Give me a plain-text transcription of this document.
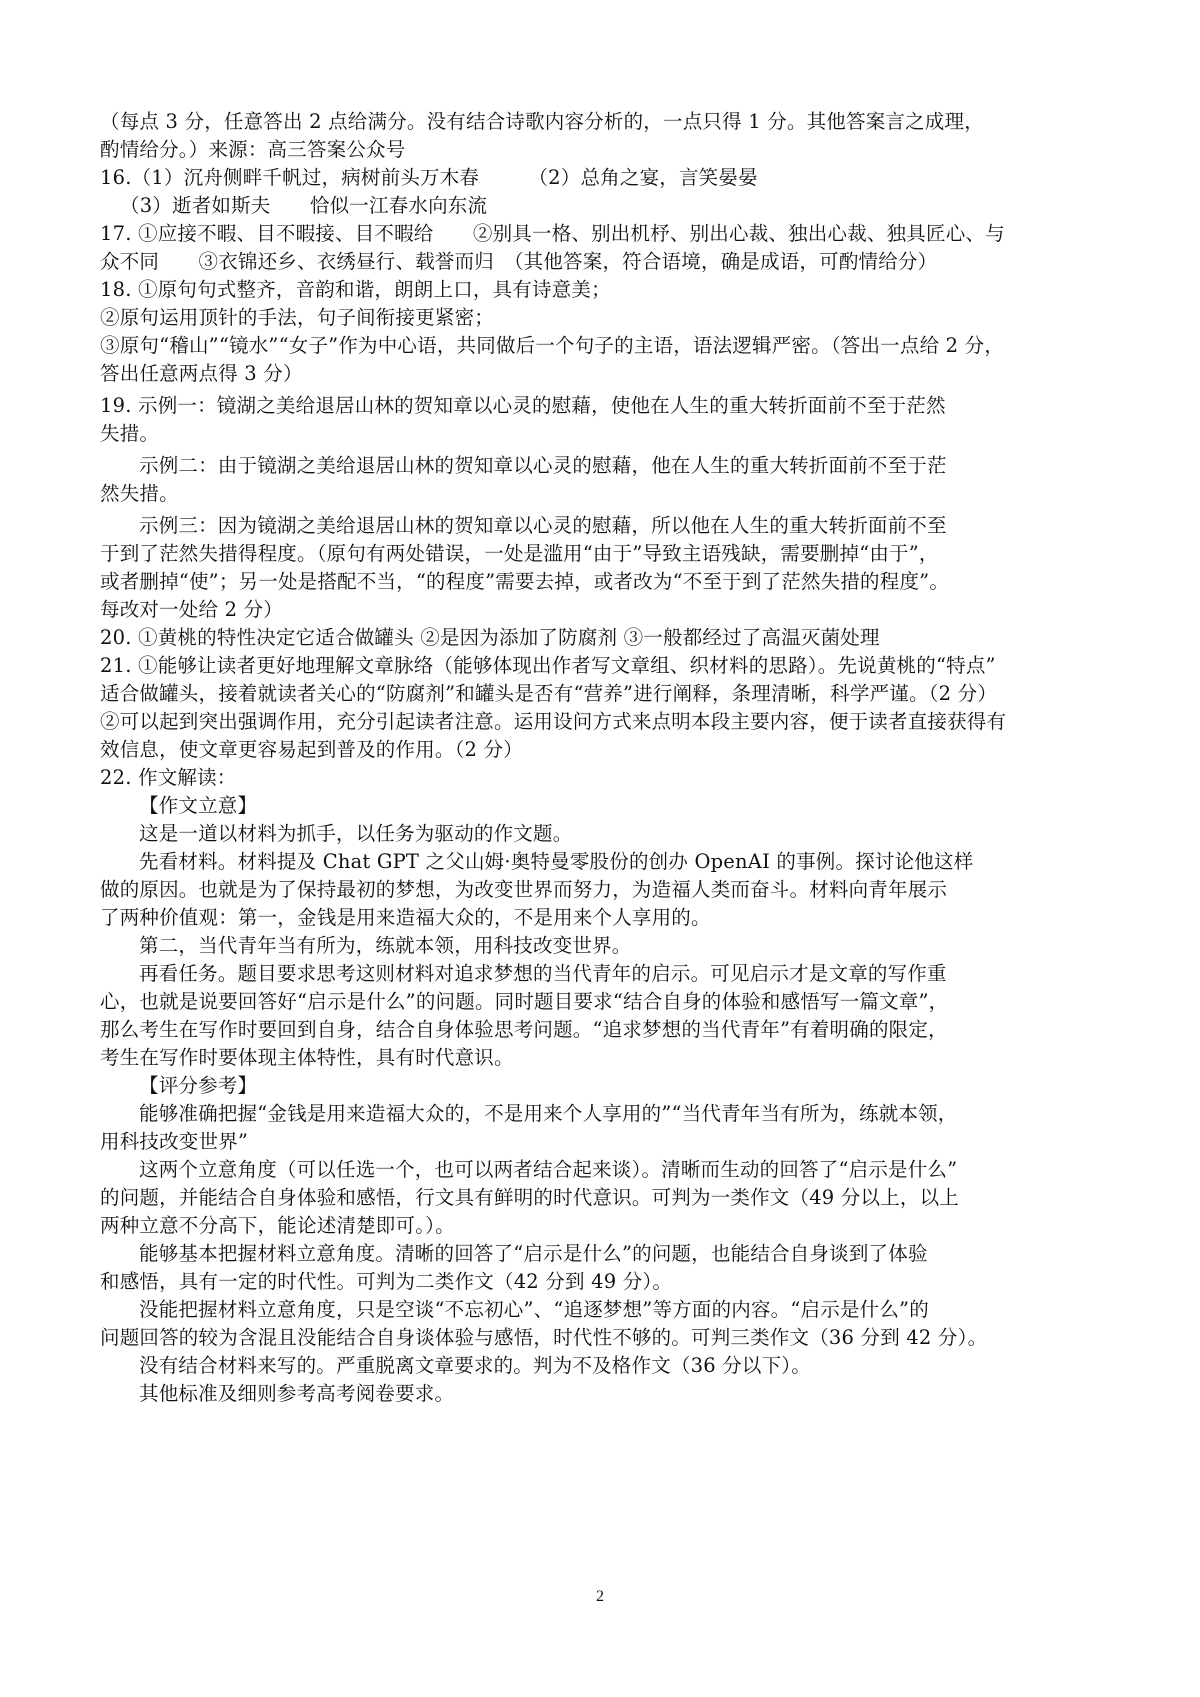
（每点 3 分，任意答出 2 点给满分。没有结合诗歌内容分析的，一点只得 1 分。其他答案言之成理，
酌情给分。）来源：高三答案公众号
16.（1）沉舟侧畔千帆过，病树前头万木春　　　（2）总角之宴，言笑晏晏
（3）逝者如斯夫　　恰似一江春水向东流
17. ①应接不暇、目不暇接、目不暇给　　②别具一格、别出机杼、别出心裁、独出心裁、独具匠心、与
众不同　　③衣锦还乡、衣绣昼行、载誉而归　（其他答案，符合语境，确是成语，可酌情给分）
18. ①原句句式整齐，音韵和谐，朗朗上口，具有诗意美；
②原句运用顶针的手法，句子间衔接更紧密；
③原句“稽山”“镜水”“女子”作为中心语，共同做后一个句子的主语，语法逻辑严密。（答出一点给 2 分，
答出任意两点得 3 分）
19. 示例一：镜湖之美给退居山林的贺知章以心灵的慰藉，使他在人生的重大转折面前不至于茫然
失措。
示例二：由于镜湖之美给退居山林的贺知章以心灵的慰藉，他在人生的重大转折面前不至于茫
然失措。
示例三：因为镜湖之美给退居山林的贺知章以心灵的慰藉，所以他在人生的重大转折面前不至
于到了茫然失措得程度。（原句有两处错误，一处是滥用“由于”导致主语残缺，需要删掉“由于”，
或者删掉“使”；另一处是搭配不当，“的程度”需要去掉，或者改为“不至于到了茫然失措的程度”。
每改对一处给 2 分）
20. ①黄桃的特性决定它适合做罐头 ②是因为添加了防腐剂 ③一般都经过了高温灭菌处理
21. ①能够让读者更好地理解文章脉络（能够体现出作者写文章组、织材料的思路）。先说黄桃的“特点”
适合做罐头，接着就读者关心的“防腐剂”和罐头是否有“营养”进行阐释，条理清晰，科学严谨。（2 分）
②可以起到突出强调作用，充分引起读者注意。运用设问方式来点明本段主要内容，便于读者直接获得有
效信息，使文章更容易起到普及的作用。（2 分）
22. 作文解读：
【作文立意】
这是一道以材料为抓手，以任务为驱动的作文题。
先看材料。材料提及 Chat GPT 之父山姆·奥特曼零股份的创办 OpenAI 的事例。探讨论他这样
做的原因。也就是为了保持最初的梦想，为改变世界而努力，为造福人类而奋斗。材料向青年展示
了两种价值观：第一，金钱是用来造福大众的，不是用来个人享用的。
第二，当代青年当有所为，练就本领，用科技改变世界。
再看任务。题目要求思考这则材料对追求梦想的当代青年的启示。可见启示才是文章的写作重
心，也就是说要回答好“启示是什么”的问题。同时题目要求“结合自身的体验和感悟写一篇文章”，
那么考生在写作时要回到自身，结合自身体验思考问题。“追求梦想的当代青年”有着明确的限定，
考生在写作时要体现主体特性，具有时代意识。
【评分参考】
能够准确把握“金钱是用来造福大众的，不是用来个人享用的”“当代青年当有所为，练就本领，
用科技改变世界”
这两个立意角度（可以任选一个，也可以两者结合起来谈）。清晰而生动的回答了“启示是什么”
的问题，并能结合自身体验和感悟，行文具有鲜明的时代意识。可判为一类作文（49 分以上，以上
两种立意不分高下，能论述清楚即可。）。
能够基本把握材料立意角度。清晰的回答了“启示是什么”的问题，也能结合自身谈到了体验
和感悟，具有一定的时代性。可判为二类作文（42 分到 49 分）。
没能把握材料立意角度，只是空谈“不忘初心”、“追逐梦想”等方面的内容。“启示是什么”的
问题回答的较为含混且没能结合自身谈体验与感悟，时代性不够的。可判三类作文（36 分到 42 分）。
没有结合材料来写的。严重脱离文章要求的。判为不及格作文（36 分以下）。
其他标准及细则参考高考阅卷要求。
2
